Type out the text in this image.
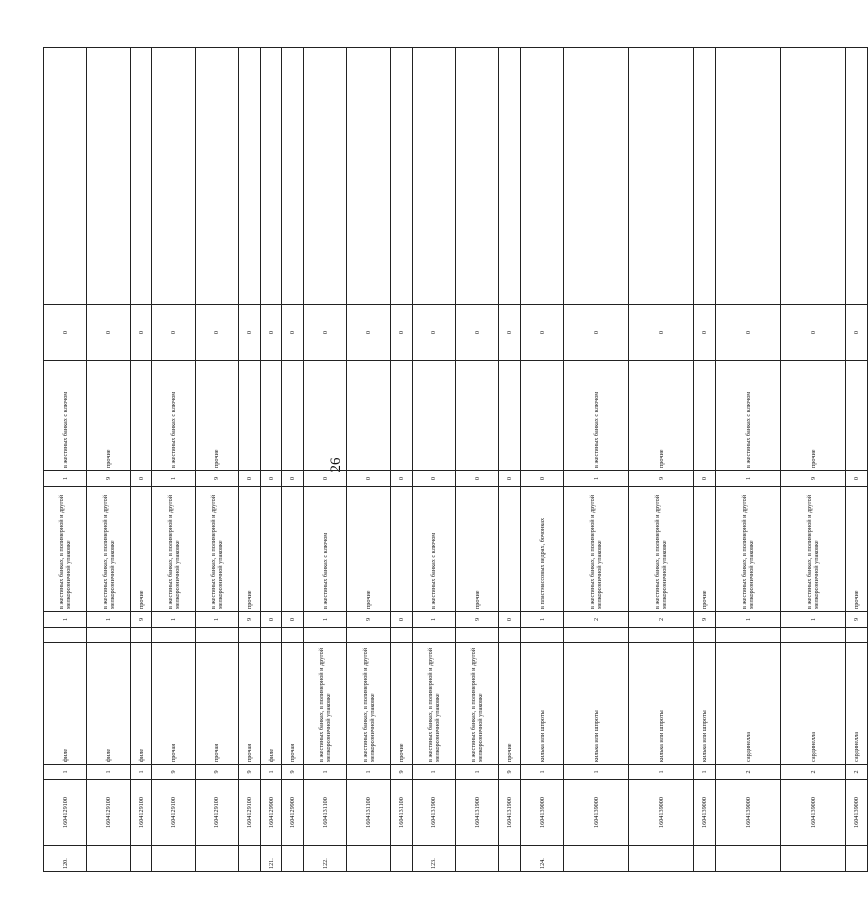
26
120.	1604129100	1	филе		1	в жестяных банках, в полимерной и другой мелкорозничной упаковке	1	в жестяных банках с ключом	0	
	1604129100	1	филе		1	в жестяных банках, в полимерной и другой мелкорозничной упаковке	9	прочие	0	
	1604129100	1	филе		9	прочие	0		0	
	1604129100	9	прочая		1	в жестяных банках, в полимерной и другой мелкорозничной упаковке	1	в жестяных банках с ключом	0	
	1604129100	9	прочая		1	в жестяных банках, в полимерной и другой мелкорозничной упаковке	9	прочие	0	
	1604129100	9	прочая		9	прочие	0		0	
121.	1604129900	1	филе		0		0		0	
	1604129900	9	прочая		0		0		0	
122.	1604131100	1	в жестяных банках, в полимерной и другой мелкорозничной упаковке		1	в жестяных банках с ключом	0		0	
	1604131100	1	в жестяных банках, в полимерной и другой мелкорозничной упаковке		9	прочие	0		0	
	1604131100	9	прочие		0		0		0	
123.	1604131900	1	в жестяных банках, в полимерной и другой мелкорозничной упаковке		1	в жестяных банках с ключом	0		0	
	1604131900	1	в жестяных банках, в полимерной и другой мелкорозничной упаковке		9	прочие	0		0	
	1604131900	9	прочие		0		0		0	
124.	1604139000	1	килька или шпроты		1	в пластмассовых ведрах, бочонках	0		0	
	1604139000	1	килька или шпроты		2	в жестяных банках, в полимерной и другой мелкорозничной упаковке	1	в жестяных банках с ключом	0	
	1604139000	1	килька или шпроты		2	в жестяных банках, в полимерной и другой мелкорозничной упаковке	9	прочие	0	
	1604139000	1	килька или шпроты		9	прочие	0		0	
	1604139000	2	сардинелла		1	в жестяных банках, в полимерной и другой мелкорозничной упаковке	1	в жестяных банках с ключом	0	
	1604139000	2	сардинелла		1	в жестяных банках, в полимерной и другой мелкорозничной упаковке	9	прочие	0	
	1604139000	2	сардинелла		9	прочие	0		0	
